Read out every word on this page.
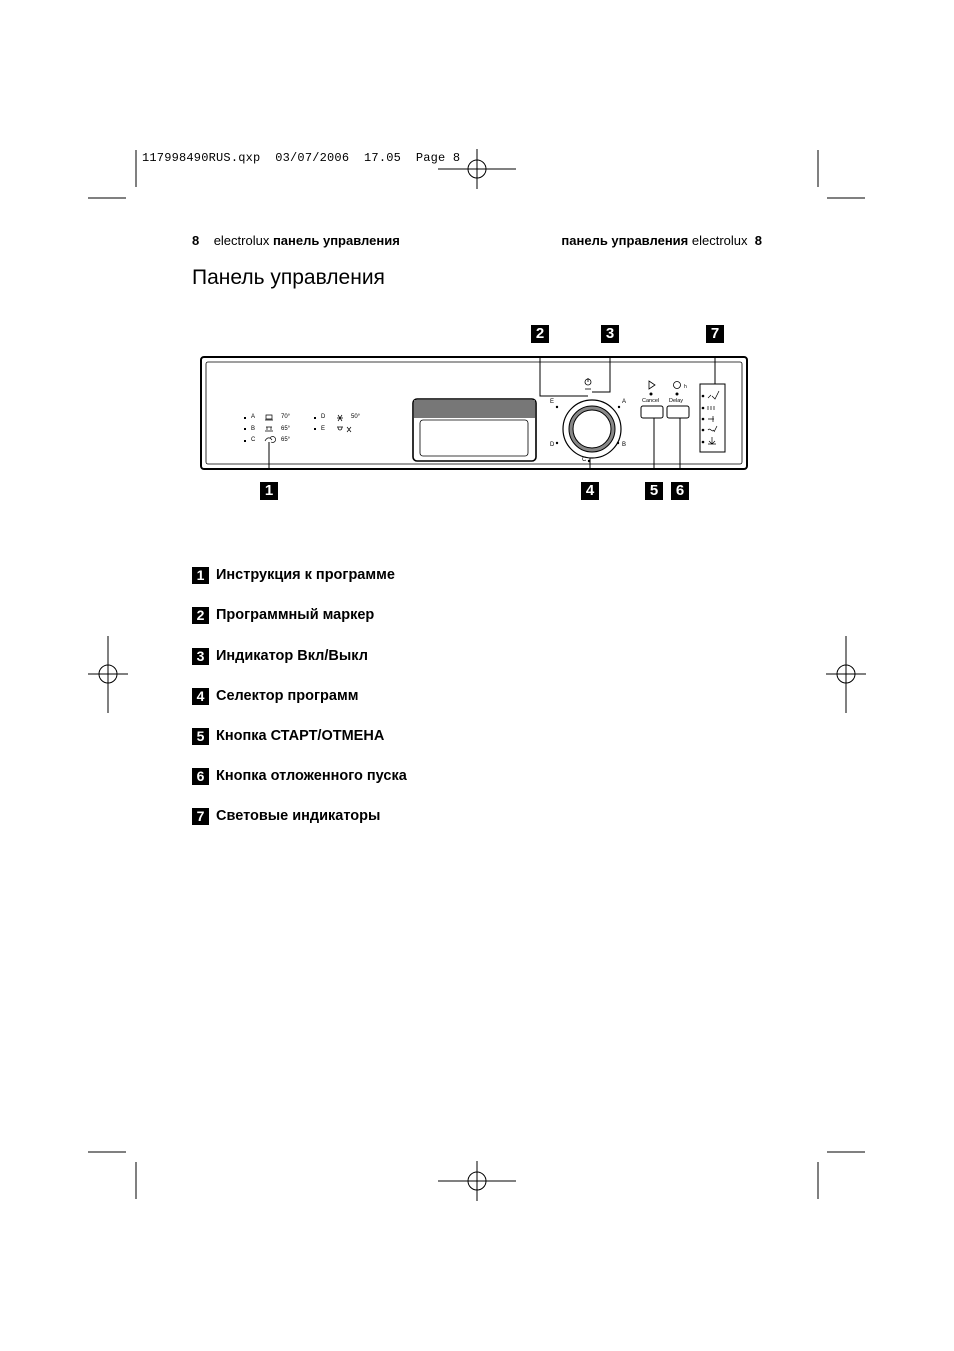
117998490RUS.qxp  03/07/2006  17.05  Page 8
8 electrolux панель управления	панель управления electrolux 8
Панель управления
A	70°
B	65°
C	65°
D	50°
E
A
B
C
D
E	Cancel Delay
h
1
2	3
4	5	6
7
1 Инструкция к программе
2 Программный маркер
3 Индикатор Вкл/Выкл
4 Селектор программ
5 Кнопка СТАРТ/ОТМЕНА
6 Кнопка отложенного пуска
7 Световые индикаторы
